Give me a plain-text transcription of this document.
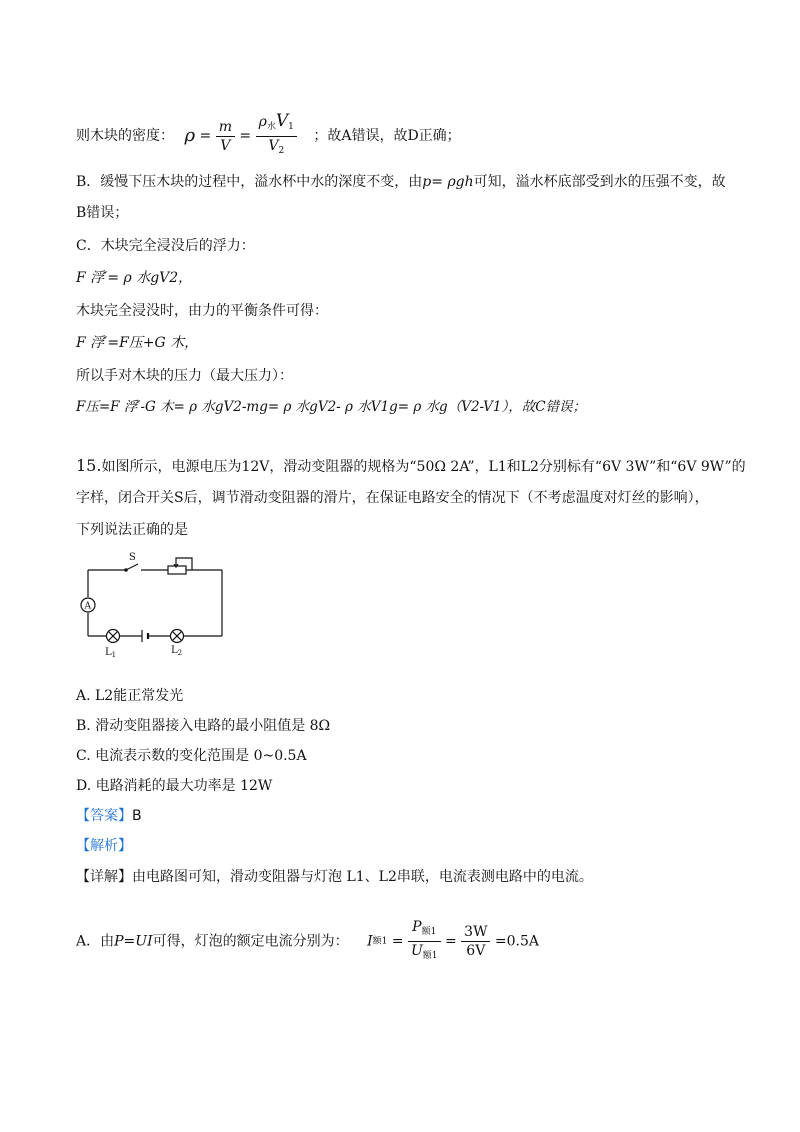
则木块的密度： $\rho = \frac{m}{V} = \frac{\rho_水V_1}{V_2}$ ；故A错误，故D正确；
B．缓慢下压木块的过程中，溢水杯中水的深度不变，由p= ρgh可知，溢水杯底部受到水的压强不变，故
B错误；
C．木块完全浸没后的浮力：
F 浮′= ρ 水gV2，
木块完全浸没时，由力的平衡条件可得：
F 浮′=F压+G 木，
所以手对木块的压力（最大压力）：
F压=F 浮′-G 木= ρ 水gV2-mg= ρ 水gV2- ρ 水V1g= ρ 水g（V2-V1），故C错误；
15.如图所示，电源电压为12V，滑动变阻器的规格为“50Ω 2A”，L1和L2分别标有“6V 3W”和“6V 9W”的
字样，闭合开关S后，调节滑动变阻器的滑片，在保证电路安全的情况下（不考虑温度对灯丝的影响），
下列说法正确的是
S
A
$L_1$	$L_2$
A. L2能正常发光
B. 滑动变阻器接入电路的最小阻值是 8Ω
C. 电流表示数的变化范围是 0~0.5A
D. 电路消耗的最大功率是 12W
【答案】B
【解析】
【详解】由电路图可知，滑动变阻器与灯泡 L1、L2串联，电流表测电路中的电流。
A．由P=UI可得，灯泡的额定电流分别为： I额$1 = \frac{P_{额1}}{U_{额1}} = \frac{3W}{6V} =0.5A$
